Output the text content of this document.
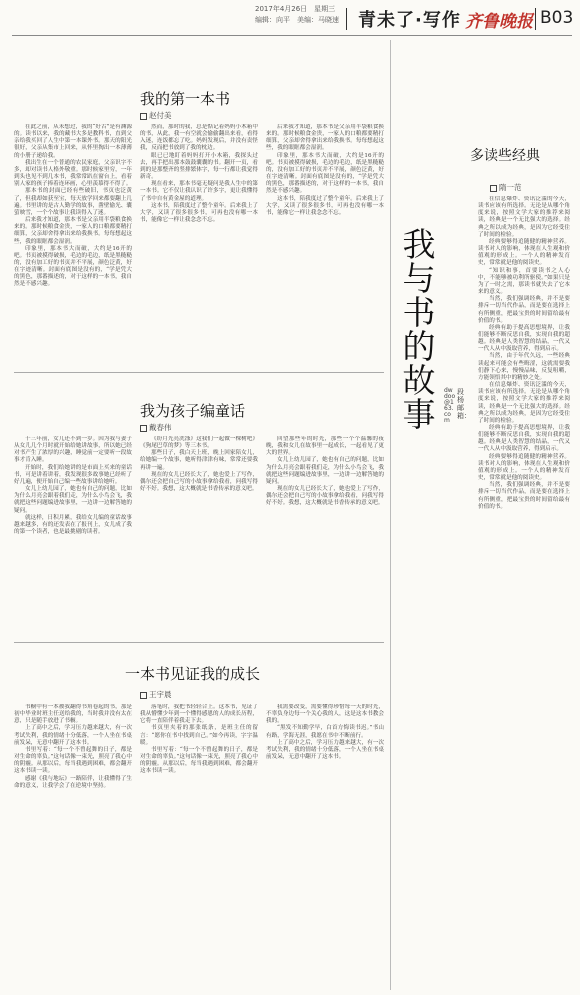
2017年4月26日　星期三
编辑：向平　美编：马晓速 青未了·写作 齐鲁晚报 B03
我的第一本书
赵付美

在此之前，从未想过，我的“好古”是有渊源的。读书以来，我的藏书大多是教科书，直到父亲给我买回了人生中第一本课外书。那天的阳光很好，父亲从集市上回来，从怀里掏出一本薄薄的小册子递给我。

我出生在一个普通的农民家庭，父亲识字不多，却对读书人格外敬重。那时候家里穷，一年到头也见不到几本书，我常常趴在窗台上，看着别人家的孩子捧着连环画，心里羡慕得不得了。

那本书的封面已经有些破旧，书页也泛黄了，但我却如获至宝，每天放学回来都要翻上几遍。书里讲的是古人勤学的故事，凿壁偷光、囊萤映雪，一个个故事让我读得入了迷。

后来我才知道，那本书是父亲用半袋粮食换来的。那时候粮食金贵，一家人的口粮都要精打细算，父亲却舍得拿出来给我换书。每每想起这些，我的眼眶都会湿润。

印象里，那本书大而破，大约是16开的吧。书页被摸得破损，毛边的毛边，纸是黑糙糙的，没有加工好的书页并不平展，颜色泛黄，好在字迹清晰。封面有底图是没有的，“学是凭大的黑色，那番描述的，对于这样的一本书，我自然是不感兴趣。

然而，那时的我，总是惦记着妈妈小木箱中的书，从此，我一有空就会偷偷翻出来看，看得入迷，连饭都忘了吃。妈妈发现后，并没有责怪我，反而把书放到了我的枕边。

眼已已地盯着妈妈打开小木箱，我探头过去，再手把出那本鼓鼓囊囊的书。翻开一页，看到的是那整齐的竖排繁体字，每一行都让我觉得新奇。

现在看来，那本书毫无疑问是我人生中的第一本书。它不仅让我认识了许多字，更让我懂得了书中自有黄金屋的道理。

这本书，陪我度过了整个童年。后来我上了大学，又读了很多很多书，可再也没有哪一本书，能像它一样让我念念不忘。

后来我才知道，那本书是父亲用半袋粮食换来的。那时候粮食金贵，一家人的口粮都要精打细算，父亲却舍得拿出来给我换书。每每想起这些，我的眼眶都会湿润。

印象里，那本书大而破，大约是16开的吧。书页被摸得破损，毛边的毛边，纸是黑糙糙的，没有加工好的书页并不平展，颜色泛黄，好在字迹清晰。封面有底图是没有的，“学是凭大的黑色，那番描述的，对于这样的一本书，我自然是不感兴趣。

这本书，陪我度过了整个童年。后来我上了大学，又读了很多很多书，可再也没有哪一本书，能像它一样让我念念不忘。

我为孩子编童话
戴春伟

十三年前，女儿还不到一岁。因为我与妻子从女儿几个月时就开始给她讲故事，所以她已经对书产生了浓厚的兴趣，睡觉前一定要听一段故事才肯入睡。

开始时，我们给她讲的是市面上买来的童话书，可是讲着讲着，我发现很多故事她已经听了好几遍，便开始自己编一些故事讲给她听。

女儿上幼儿园了，她也有自己的问题，比如为什么月亮会跟着我们走，为什么小鸟会飞，我就把这些问题编进故事里，一边讲一边解答她的疑问。

就这样，日积月累，我给女儿编的童话故事越来越多，有的还发表在了报刊上，女儿成了我的第一个读者，也是最挑剔的读者。

《纷月光亮洗涤》这我们一起做一棵树吧》《狗尾巴草的梦》等三本书。

那些日子，我白天上班，晚上回家陪女儿，给她编一个故事，她听得津津有味，常常还要我再讲一遍。

现在的女儿已经长大了，她也爱上了写作，偶尔还会把自己写的小故事拿给我看，问我写得好不好。我想，这大概就是书香传承的意义吧。

回望那些年的时光，那些一个个温馨的夜晚，我和女儿在故事里一起成长，一起看见了更大的世界。

女儿上幼儿园了，她也有自己的问题，比如为什么月亮会跟着我们走，为什么小鸟会飞，我就把这些问题编进故事里，一边讲一边解答她的疑问。

现在的女儿已经长大了，她也爱上了写作，偶尔还会把自己写的小故事拿给我看，问我写得好不好。我想，这大概就是书香传承的意义吧。

一本书见证我的成长
王宇晨

书橱中有一本被我翻得书角卷起的书，那是初中毕业时班主任送给我的，当时我并没有太在意，只是随手放进了书橱。

上了高中之后，学习压力越来越大，有一次考试失利，我的情绪十分低落，一个人坐在书桌前发呆，无意中翻开了这本书。

书里写着：“每一个不曾起舞的日子，都是对生命的辜负。”这句话像一束光，照亮了我心中的阴霾。从那以后，每当我遇到困难，都会翻开这本书读一读。

感谢《我与地坛》一路陪伴，让我懂得了生命的意义，让我学会了在逆境中坚持。

落笔时，我把书轻轻合上。这本书，见证了我从懵懂少年到一个懂得感恩的人的成长历程，它将一直陪伴着我走下去。

书页里夹着的那张纸条，是班主任的留言：“愿你在书中找到自己。”如今再读，字字温暖。

书里写着：“每一个不曾起舞的日子，都是对生命的辜负。”这句话像一束光，照亮了我心中的阴霾。从那以后，每当我遇到困难，都会翻开这本书读一读。

我需要改变，需要懂得珍惜每一天的时光，不辜负身边每一个关心我的人，这是这本书教会我的。

“黑发不知勤学早，白首方悔读书迟。”书山有路，学海无涯，我愿在书中不断前行。

上了高中之后，学习压力越来越大，有一次考试失利，我的情绪十分低落，一个人坐在书桌前发呆，无意中翻开了这本书。

我与书的故事
dwdoo@163.com
段杨 邮箱：
多读些经典
隋一范

在信息爆炸、资讯泛滥的今天，读书应该有所选择。无论是从哪个角度来说，按照文学大家的推荐来阅读，经典是一个无比强大的选择。经典之所以成为经典，是因为它经受住了时间的检验。

经典要够得追随健的精神营养。读书对人的影响，体现在人生观和价值观的形成上。一个人的精神发育史，常常就是他的阅读史。

“知识和事，首要读书之人心中，不能够被功利所驱使。”如果只是为了一时之需，那读书就失去了它本来的意义。

当然，我们强调经典，并不是要排斥一切当代作品，而是要在选择上有所侧重，把最宝贵的时间留给最有价值的书。

经典有助于提高思想境界，让我们能够不断反思自我，实现自我的超越。经典是人类智慧的结晶，一代又一代人从中汲取营养，得到启示。

当然，由于年代久远，一些经典读起来可能会有些晦涩，这就需要我们静下心来，慢慢品味，反复咀嚼，方能领悟其中的精妙之处。

在信息爆炸、资讯泛滥的今天，读书应该有所选择。无论是从哪个角度来说，按照文学大家的推荐来阅读，经典是一个无比强大的选择。经典之所以成为经典，是因为它经受住了时间的检验。

经典有助于提高思想境界，让我们能够不断反思自我，实现自我的超越。经典是人类智慧的结晶，一代又一代人从中汲取营养，得到启示。

经典要够得追随健的精神营养。读书对人的影响，体现在人生观和价值观的形成上。一个人的精神发育史，常常就是他的阅读史。

当然，我们强调经典，并不是要排斥一切当代作品，而是要在选择上有所侧重，把最宝贵的时间留给最有价值的书。
